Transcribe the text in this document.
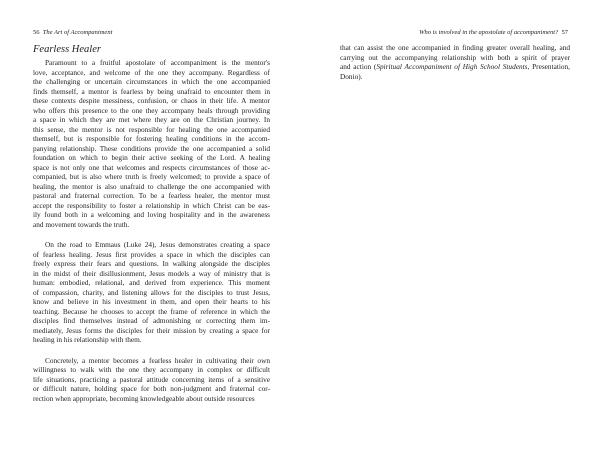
56 The Art of Accompaniment
Fearless Healer
Paramount to a fruitful apostolate of accompaniment is the mentor's
love, acceptance, and welcome of the one they accompany. Regardless of
the challenging or uncertain circumstances in which the one accompanied
finds themself, a mentor is fearless by being unafraid to encounter them in
these contexts despite messiness, confusion, or chaos in their life. A mentor
who offers this presence to the one they accompany heals through providing
a space in which they are met where they are on the Christian journey. In
this sense, the mentor is not responsible for healing the one accompanied
themself, but is responsible for fostering healing conditions in the accom-
panying relationship. These conditions provide the one accompanied a solid
foundation on which to begin their active seeking of the Lord. A healing
space is not only one that welcomes and respects circumstances of those ac-
companied, but is also where truth is freely welcomed; to provide a space of
healing, the mentor is also unafraid to challenge the one accompanied with
pastoral and fraternal correction. To be a fearless healer, the mentor must
accept the responsibility to foster a relationship in which Christ can be eas-
ily found both in a welcoming and loving hospitality and in the awareness
and movement towards the truth.
On the road to Emmaus (Luke 24), Jesus demonstrates creating a space
of fearless healing. Jesus first provides a space in which the disciples can
freely express their fears and questions. In walking alongside the disciples
in the midst of their disillusionment, Jesus models a way of ministry that is
human: embodied, relational, and derived from experience. This moment
of compassion, charity, and listening allows for the disciples to trust Jesus,
know and believe in his investment in them, and open their hearts to his
teaching. Because he chooses to accept the frame of reference in which the
disciples find themselves instead of admonishing or correcting them im-
mediately, Jesus forms the disciples for their mission by creating a space for
healing in his relationship with them.
Concretely, a mentor becomes a fearless healer in cultivating their own
willingness to walk with the one they accompany in complex or difficult
life situations, practicing a pastoral attitude concerning items of a sensitive
or difficult nature, holding space for both non-judgment and fraternal cor-
rection when appropriate, becoming knowledgeable about outside resources
Who is involved in the apostolate of accompaniment? 57
that can assist the one accompanied in finding greater overall healing, and
carrying out the accompanying relationship with both a spirit of prayer
and action (Spiritual Accompaniment of High School Students, Presentation,
Donio).
